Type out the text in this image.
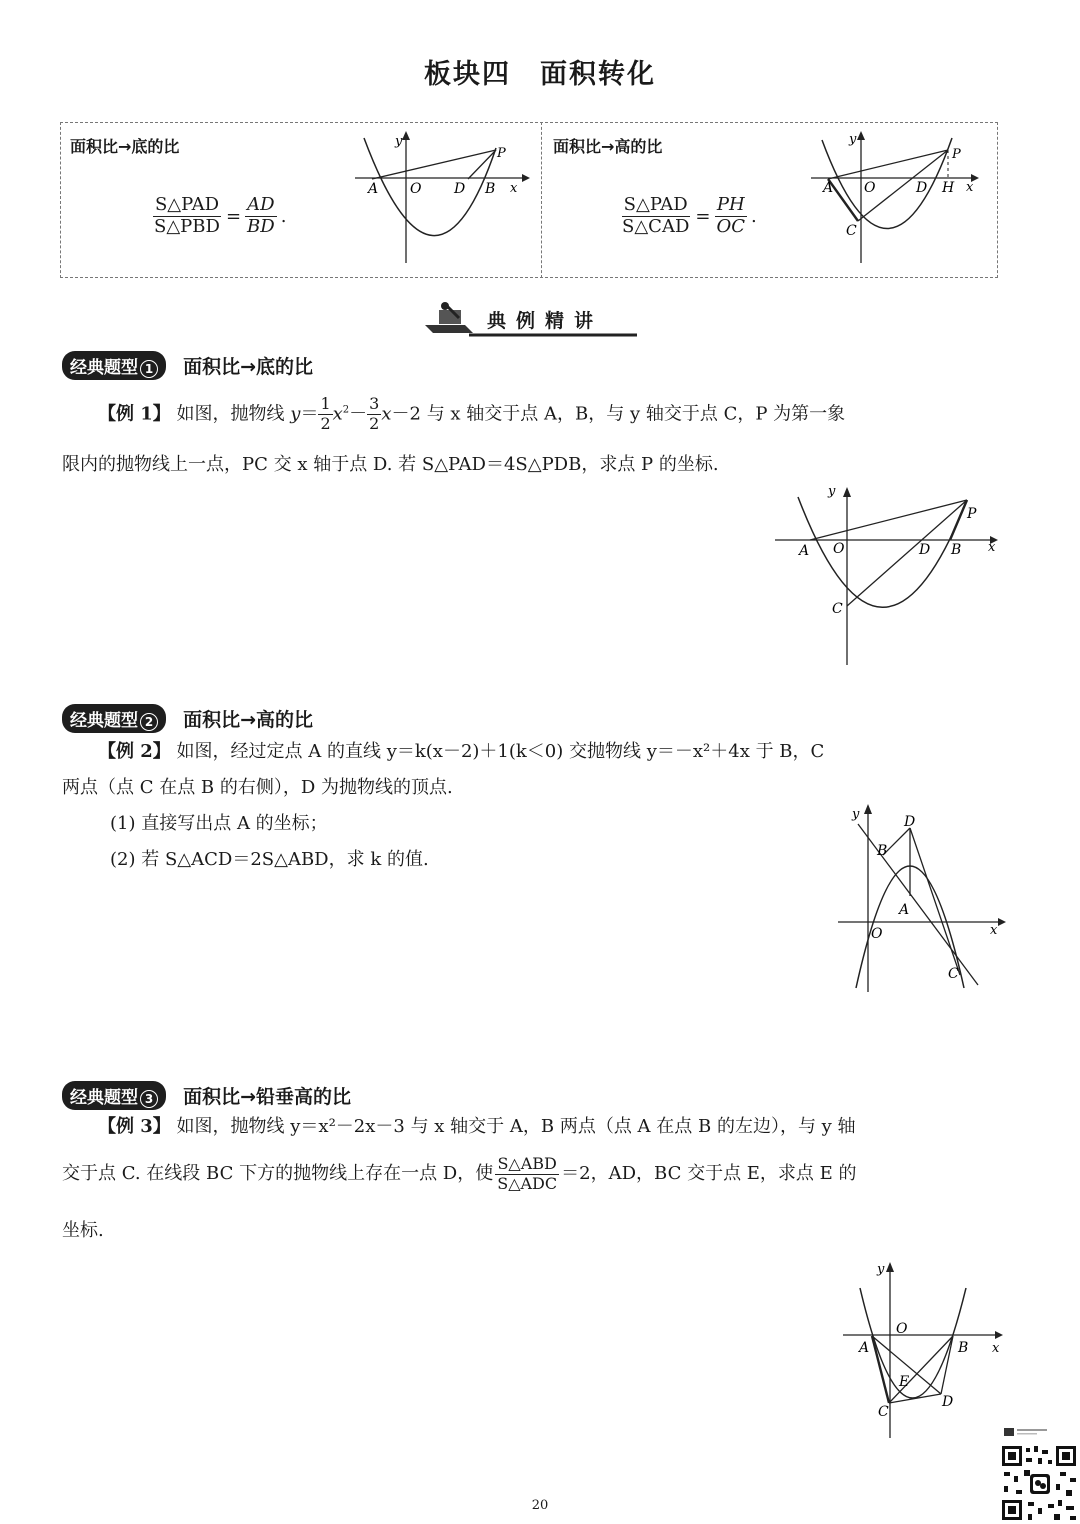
板块四　面积转化
面积比→底的比
$\frac{\text{S△PAD}}{\text{S△PBD}} = \frac{AD}{BD}$ .
面积比→高的比
$\frac{\text{S△PAD}}{\text{S△CAD}} = \frac{PH}{OC}$ .
y
P
A O D B x
y
P
A O	D H x
C
典例精讲
经典题型 1 面积比→底的比
【例 1】 如图，抛物线 $y= \frac{1}{2} x^2- \frac{3}{2} x-2$ 与 x 轴交于点 A，B，与 y 轴交于点 C，P 为第一象
限内的抛物线上一点，PC 交 x 轴于点 D. 若 S△PAD＝4S△PDB，求点 P 的坐标.
y
P
A O	D B x
C
经典题型 2 面积比→高的比
【例 2】 如图，经过定点 A 的直线 y＝k(x－2)＋1(k＜0) 交抛物线 y＝－x²＋4x 于 B，C
两点（点 C 在点 B 的右侧），D 为抛物线的顶点.
(1) 直接写出点 A 的坐标；
(2) 若 S△ACD＝2S△ABD，求 k 的值.
y	D
B
A
O	x
C
经典题型 3 面积比→铅垂高的比
【例 3】 如图，抛物线 y＝x²－2x－3 与 x 轴交于 A，B 两点（点 A 在点 B 的左边），与 y 轴
交于点 C. 在线段 BC 下方的抛物线上存在一点 D，使 $\frac{\text{S△ABD}}{\text{S△ADC}} =2$，AD，BC 交于点 E，求点 E 的
坐标.
y
O
A	B x
E
D
C
20
